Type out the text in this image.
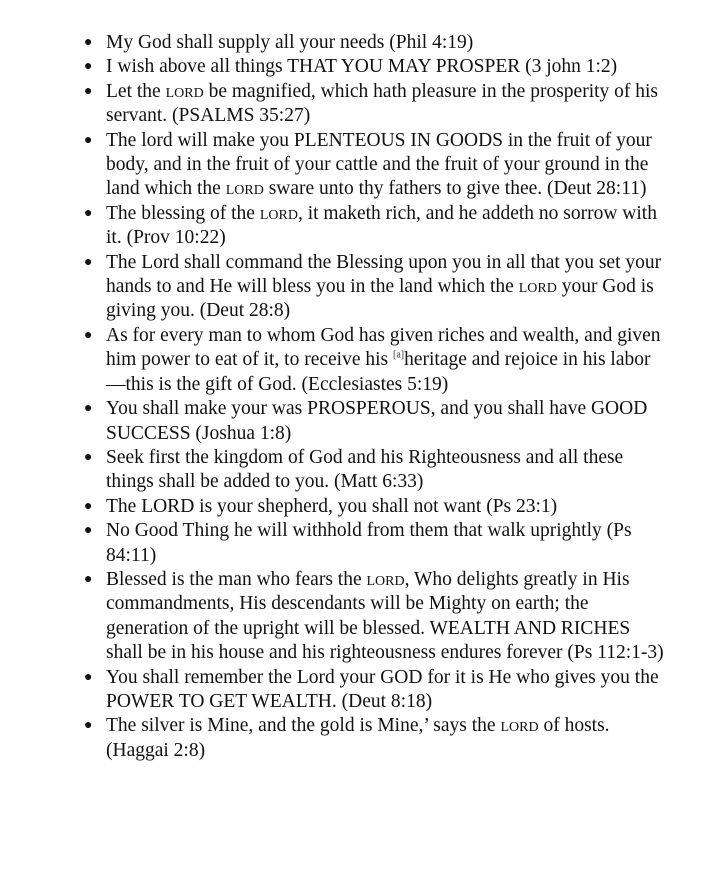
● My God shall supply all your needs (Phil 4:19)
● I wish above all things THAT YOU MAY PROSPER (3 john 1:2)
● Let the lord be magnified, which hath pleasure in the prosperity of his servant. (PSALMS 35:27)
● The lord will make you PLENTEOUS IN GOODS in the fruit of your body, and in the fruit of your cattle and the fruit of your ground in the land which the lord sware unto thy fathers to give thee. (Deut 28:11)
● The blessing of the lord, it maketh rich, and he addeth no sorrow with it. (Prov 10:22)
● The Lord shall command the Blessing upon you in all that you set your hands to and He will bless you in the land which the lord your God is giving you. (Deut 28:8)
● As for every man to whom God has given riches and wealth, and given him power to eat of it, to receive his [a]heritage and rejoice in his labor—this is the gift of God. (Ecclesiastes 5:19)
● You shall make your was PROSPEROUS, and you shall have GOOD SUCCESS (Joshua 1:8)
● Seek first the kingdom of God and his Righteousness and all these things shall be added to you. (Matt 6:33)
● The LORD is your shepherd, you shall not want (Ps 23:1)
● No Good Thing he will withhold from them that walk uprightly (Ps 84:11)
● Blessed is the man who fears the lord, Who delights greatly in His commandments, His descendants will be Mighty on earth; the generation of the upright will be blessed. WEALTH AND RICHES shall be in his house and his righteousness endures forever (Ps 112:1-3)
● You shall remember the Lord your GOD for it is He who gives you the POWER TO GET WEALTH. (Deut 8:18)
● The silver is Mine, and the gold is Mine,’ says the lord of hosts. (Haggai 2:8)
